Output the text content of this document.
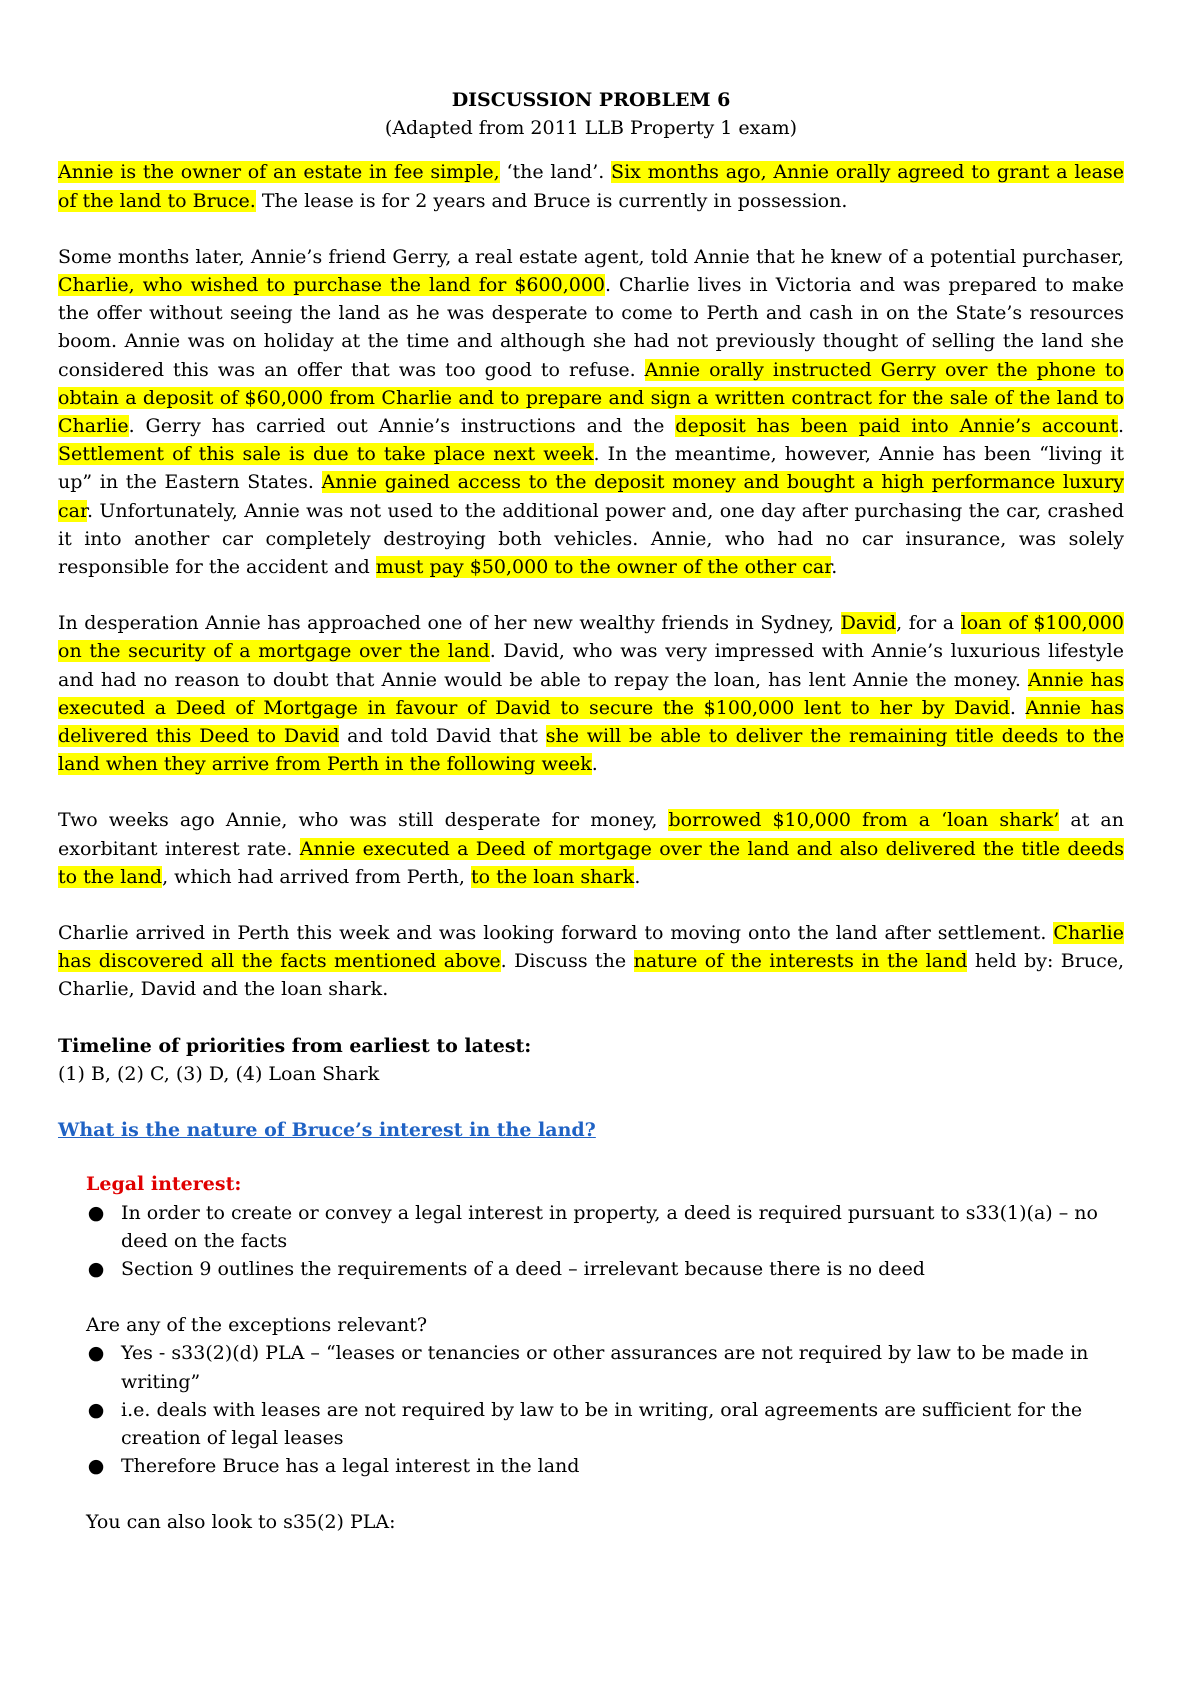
DISCUSSION PROBLEM 6

(Adapted from 2011 LLB Property 1 exam)

Annie is the owner of an estate in fee simple, ‘the land’. Six months ago, Annie orally agreed to grant a lease of the land to Bruce. The lease is for 2 years and Bruce is currently in possession.

Some months later, Annie’s friend Gerry, a real estate agent, told Annie that he knew of a potential purchaser, Charlie, who wished to purchase the land for $600,000. Charlie lives in Victoria and was prepared to make the offer without seeing the land as he was desperate to come to Perth and cash in on the State’s resources boom. Annie was on holiday at the time and although she had not previously thought of selling the land she considered this was an offer that was too good to refuse. Annie orally instructed Gerry over the phone to obtain a deposit of $60,000 from Charlie and to prepare and sign a written contract for the sale of the land to Charlie. Gerry has carried out Annie’s instructions and the deposit has been paid into Annie’s account. Settlement of this sale is due to take place next week. In the meantime, however, Annie has been “living it up” in the Eastern States. Annie gained access to the deposit money and bought a high performance luxury car. Unfortunately, Annie was not used to the additional power and, one day after purchasing the car, crashed it into another car completely destroying both vehicles. Annie, who had no car insurance, was solely responsible for the accident and must pay $50,000 to the owner of the other car.

In desperation Annie has approached one of her new wealthy friends in Sydney, David, for a loan of $100,000 on the security of a mortgage over the land. David, who was very impressed with Annie’s luxurious lifestyle and had no reason to doubt that Annie would be able to repay the loan, has lent Annie the money. Annie has executed a Deed of Mortgage in favour of David to secure the $100,000 lent to her by David. Annie has delivered this Deed to David and told David that she will be able to deliver the remaining title deeds to the land when they arrive from Perth in the following week.

Two weeks ago Annie, who was still desperate for money, borrowed $10,000 from a ‘loan shark’ at an exorbitant interest rate. Annie executed a Deed of mortgage over the land and also delivered the title deeds to the land, which had arrived from Perth, to the loan shark.

Charlie arrived in Perth this week and was looking forward to moving onto the land after settlement. Charlie has discovered all the facts mentioned above. Discuss the nature of the interests in the land held by: Bruce, Charlie, David and the loan shark.

Timeline of priorities from earliest to latest:

(1) B, (2) C, (3) D, (4) Loan Shark

What is the nature of Bruce’s interest in the land?

Legal interest:

● In order to create or convey a legal interest in property, a deed is required pursuant to s33(1)(a) – no deed on the facts
● Section 9 outlines the requirements of a deed – irrelevant because there is no deed

Are any of the exceptions relevant?

● Yes - s33(2)(d) PLA – “leases or tenancies or other assurances are not required by law to be made in writing”
● i.e. deals with leases are not required by law to be in writing, oral agreements are sufficient for the creation of legal leases
● Therefore Bruce has a legal interest in the land

You can also look to s35(2) PLA:
